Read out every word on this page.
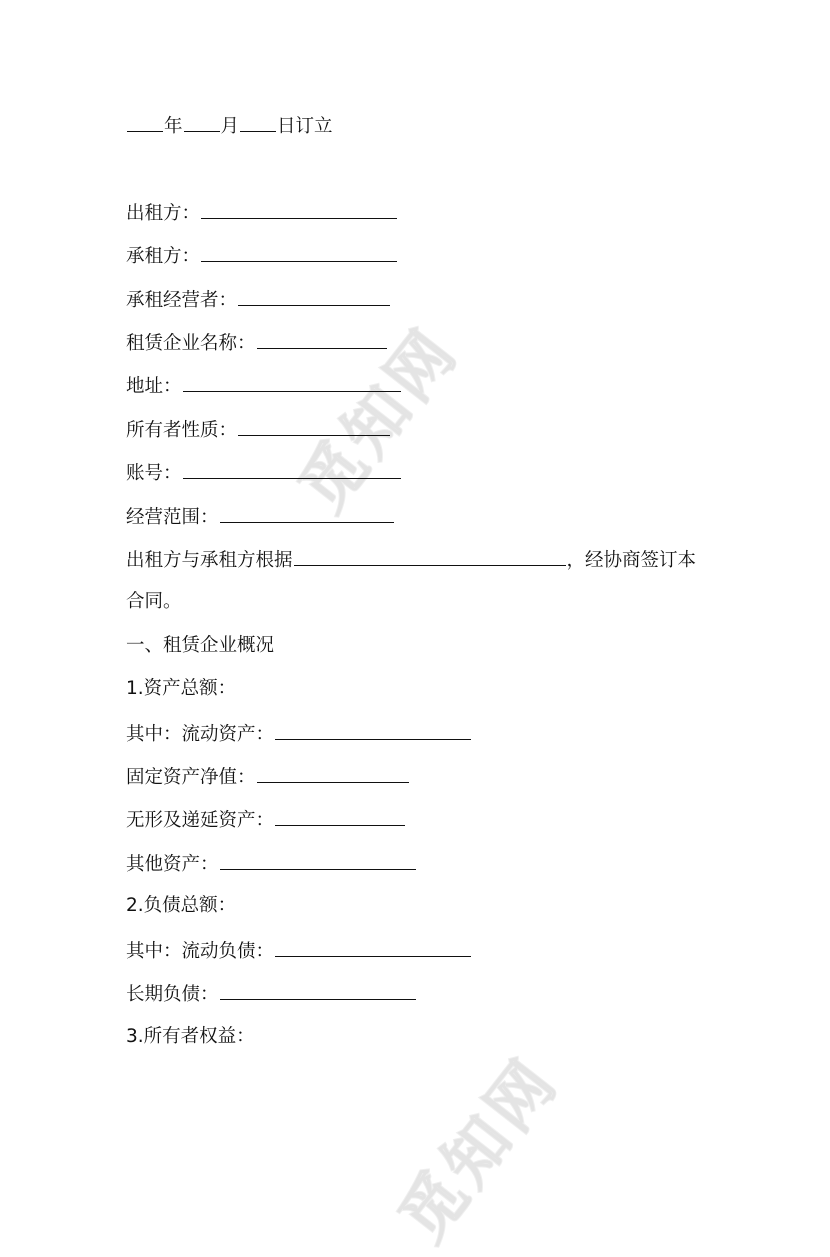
觅知网
觅知网
年 月 日订立
出租方：
承租方：
承租经营者：
租赁企业名称：
地址：
所有者性质：
账号：
经营范围：
出租方与承租方根据	，经协商签订本
合同。
一、租赁企业概况
1.资产总额：
其中：流动资产：
固定资产净值：
无形及递延资产：
其他资产：
2.负债总额：
其中：流动负债：
长期负债：
3.所有者权益：
